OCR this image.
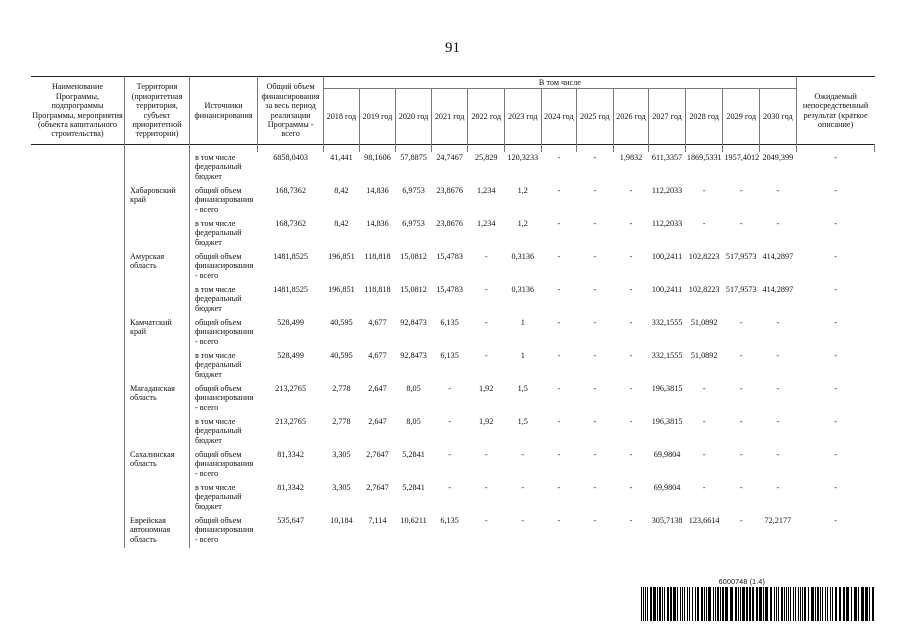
91
Наименование Программы, подпрограммы Программы, мероприятия (объекта капитального строительства)	Территория (приоритетная территория, субъект приоритетной территории)	Источники финансирования	Общий объем финансирования за весь период реализации Программы - всего	В том числе													Ожидаемый непосредственный результат (краткое описание)
				2018 год	2019 год	2020 год	2021 год	2022 год	2023 год	2024 год	2025 год	2026 год	2027 год	2028 год	2029 год	2030 год	

		в том числе федеральный бюджет	6858,0403	41,441	98,1606	57,8875	24,7467	25,829	120,3233	-	-	1,9832	611,3357	1869,5331	1957,4012	2049,399	-
	Хабаровский край	общий объем финансирования - всего	168,7362	8,42	14,836	6,9753	23,8676	1,234	1,2	-	-	-	112,2033	-	-	-	-
		в том числе федеральный бюджет	168,7362	8,42	14,836	6,9753	23,8676	1,234	1,2	-	-	-	112,2033	-	-	-	-
	Амурская область	общий объем финансирования - всего	1481,8525	196,851	118,818	15,0812	15,4783	-	0,3136	-	-	-	100,2411	102,8223	517,9573	414,2897	-
		в том числе федеральный бюджет	1481,8525	196,851	118,818	15,0812	15,4783	-	0,3136	-	-	-	100,2411	102,8223	517,9573	414,2897	-
	Камчатский край	общий объем финансирования - всего	528,499	40,595	4,677	92,8473	6,135	-	1	-	-	-	332,1555	51,0892	-	-	-
		в том числе федеральный бюджет	528,499	40,595	4,677	92,8473	6,135	-	1	-	-	-	332,1555	51,0892	-	-	-
	Магаданская область	общий объем финансирования - всего	213,2765	2,778	2,647	8,05	-	1,92	1,5	-	-	-	196,3815	-	-	-	-
		в том числе федеральный бюджет	213,2765	2,778	2,647	8,05	-	1,92	1,5	-	-	-	196,3815	-	-	-	-
	Сахалинская область	общий объем финансирования - всего	81,3342	3,305	2,7647	5,2841	-	-	-	-	-	-	69,9804	-	-	-	-
		в том числе федеральный бюджет	81,3342	3,305	2,7647	5,2841	-	-	-	-	-	-	69,9804	-	-	-	-
	Еврейская автономная область	общий объем финансирования - всего	535,647	10,184	7,114	10,6211	6,135	-	-	-	-	-	305,7138	123,6614	-	72,2177	-
6000748 (1.4)
